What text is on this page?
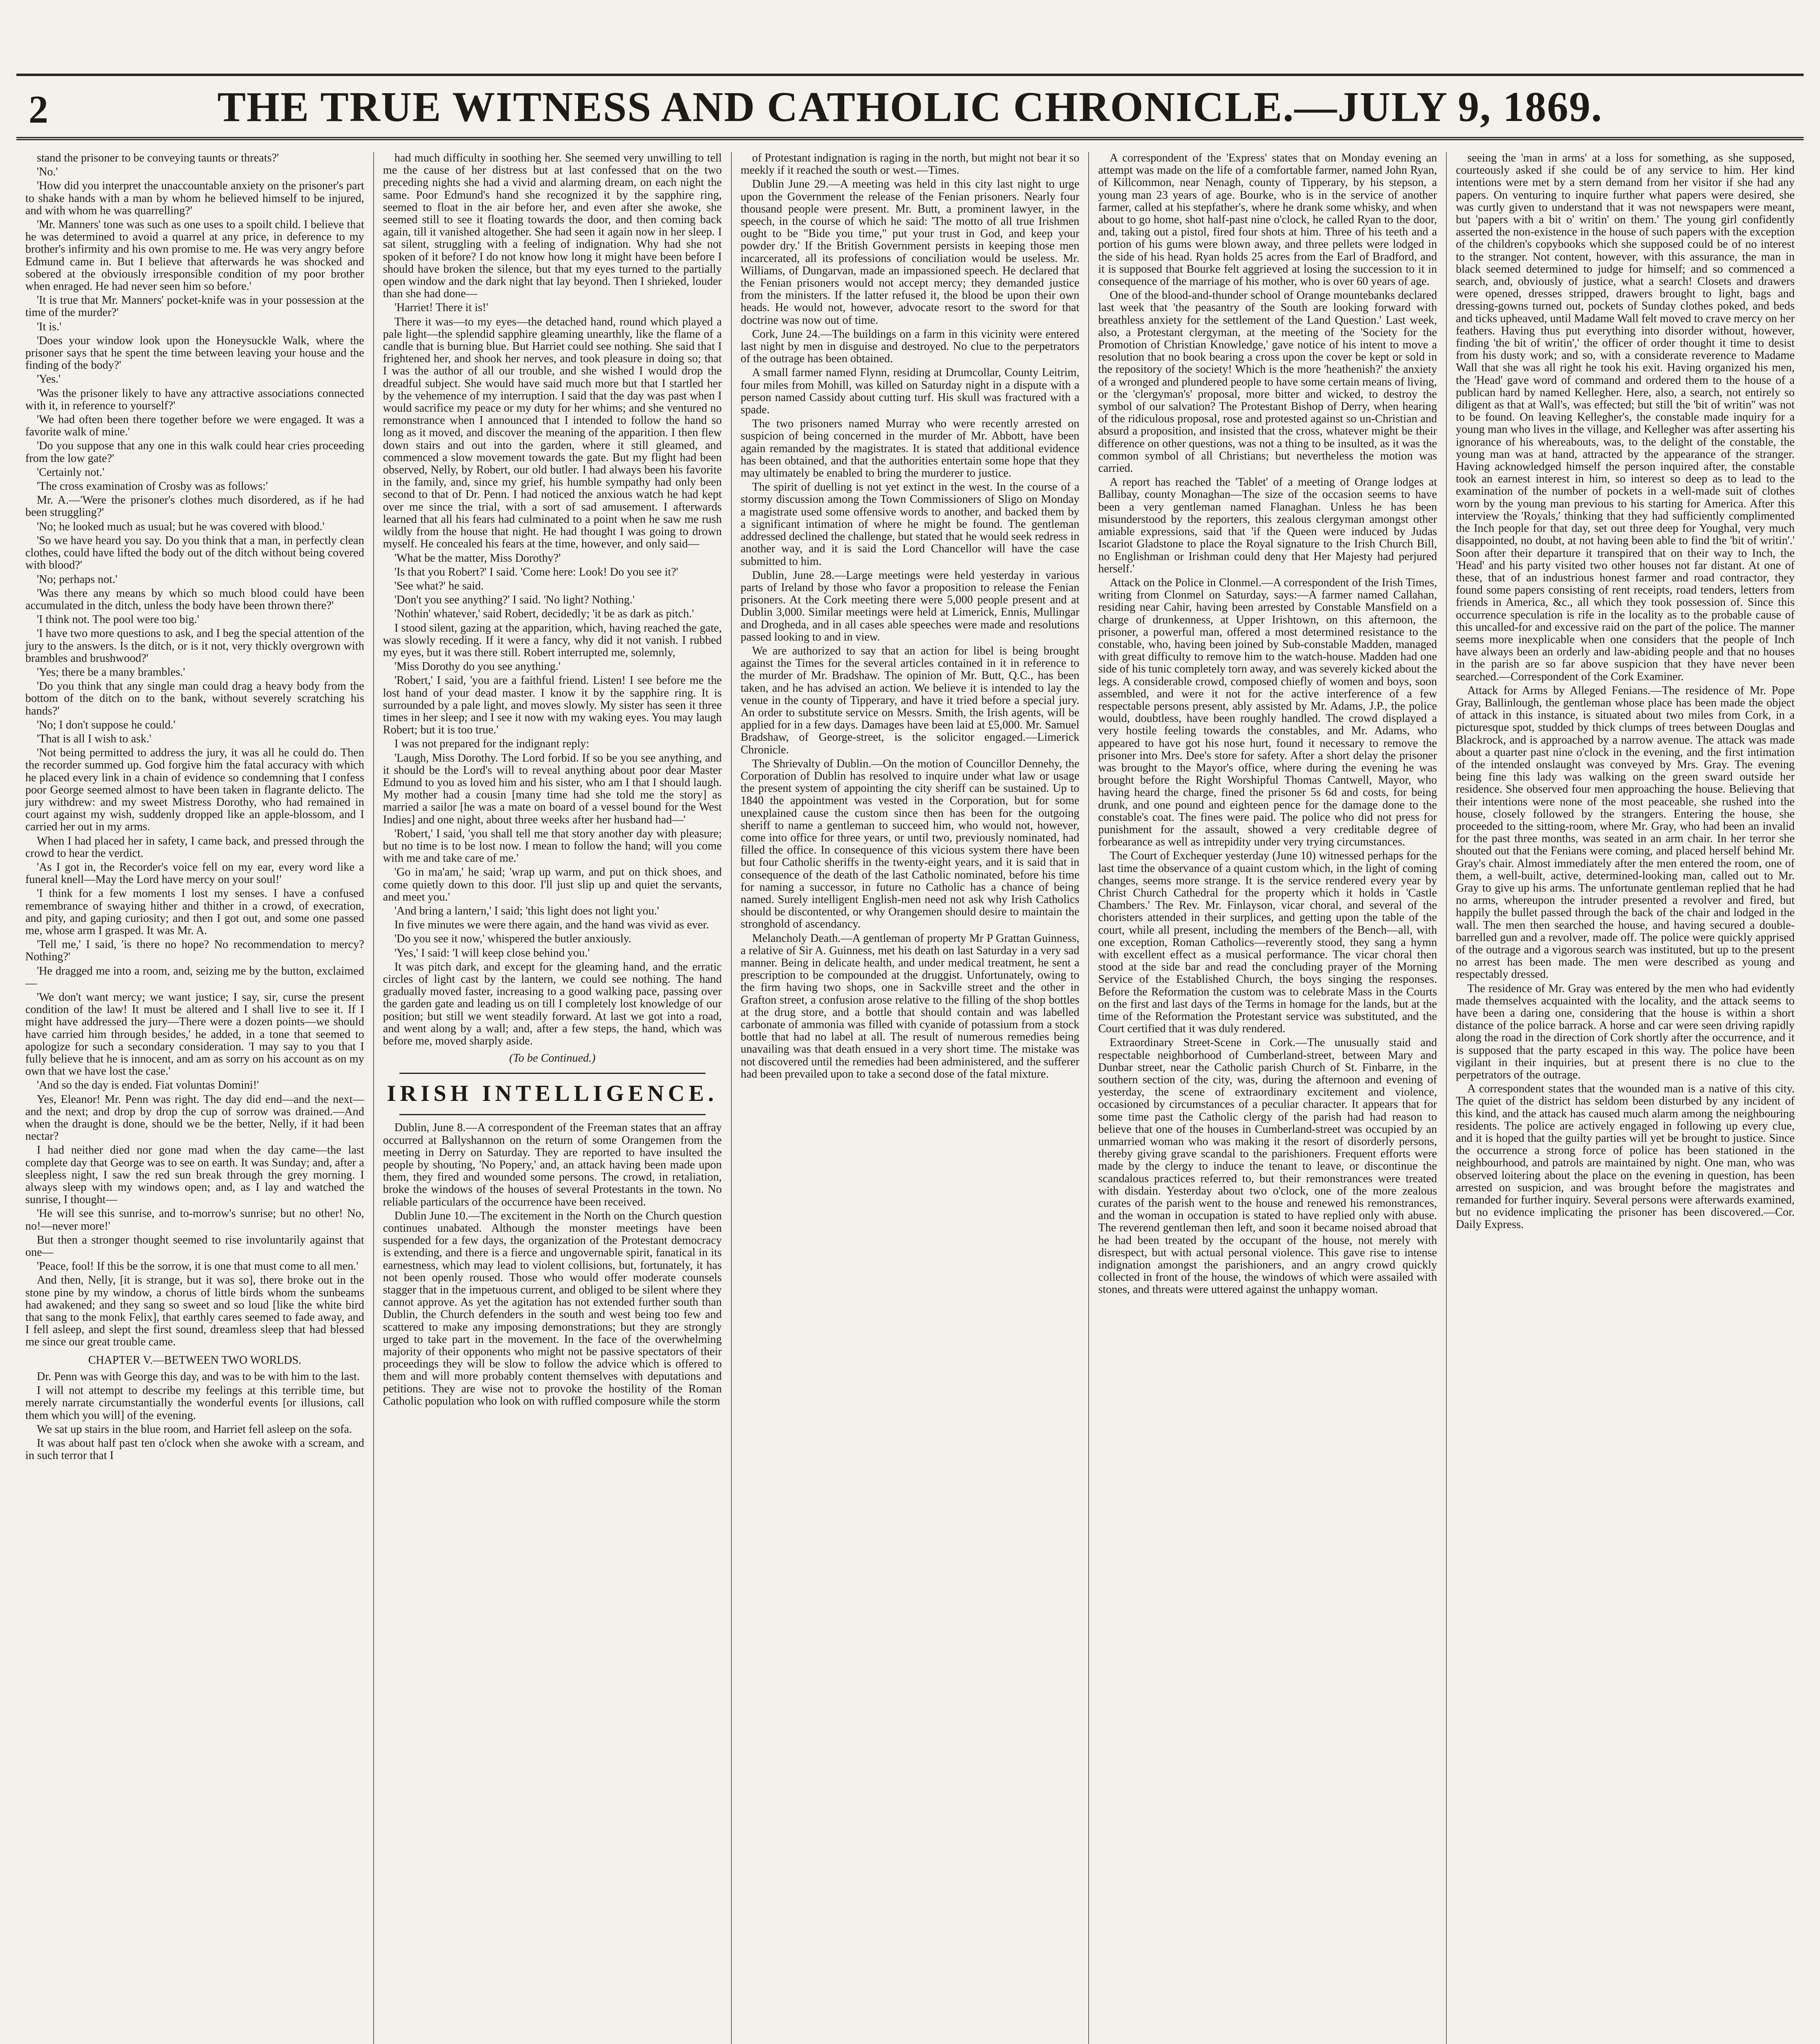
2	THE TRUE WITNESS AND CATHOLIC CHRONICLE.—JULY 9, 1869.

stand the prisoner to be conveying taunts or threats?'

'No.'

'How did you interpret the unaccountable anxiety on the prisoner's part to shake hands with a man by whom he believed himself to be injured, and with whom he was quarrelling?'

'Mr. Manners' tone was such as one uses to a spoilt child. I believe that he was determined to avoid a quarrel at any price, in deference to my brother's infirmity and his own promise to me. He was very angry before Edmund came in. But I believe that afterwards he was shocked and sobered at the obviously irresponsible condition of my poor brother when enraged. He had never seen him so before.'

'It is true that Mr. Manners' pocket-knife was in your possession at the time of the murder?'

'It is.'

'Does your window look upon the Honeysuckle Walk, where the prisoner says that he spent the time between leaving your house and the finding of the body?'

'Yes.'

'Was the prisoner likely to have any attractive associations connected with it, in reference to yourself?'

'We had often been there together before we were engaged. It was a favorite walk of mine.'

'Do you suppose that any one in this walk could hear cries proceeding from the low gate?'

'Certainly not.'

'The cross examination of Crosby was as follows:'

Mr. A.—'Were the prisoner's clothes much disordered, as if he had been struggling?'

'No; he looked much as usual; but he was covered with blood.'

'So we have heard you say. Do you think that a man, in perfectly clean clothes, could have lifted the body out of the ditch without being covered with blood?'

'No; perhaps not.'

'Was there any means by which so much blood could have been accumulated in the ditch, unless the body have been thrown there?'

'I think not. The pool were too big.'

'I have two more questions to ask, and I beg the special attention of the jury to the answers. Is the ditch, or is it not, very thickly overgrown with brambles and brushwood?'

'Yes; there be a many brambles.'

'Do you think that any single man could drag a heavy body from the bottom of the ditch on to the bank, without severely scratching his hands?'

'No; I don't suppose he could.'

'That is all I wish to ask.'

'Not being permitted to address the jury, it was all he could do. Then the recorder summed up. God forgive him the fatal accuracy with which he placed every link in a chain of evidence so condemning that I confess poor George seemed almost to have been taken in flagrante delicto. The jury withdrew: and my sweet Mistress Dorothy, who had remained in court against my wish, suddenly dropped like an apple-blossom, and I carried her out in my arms.

When I had placed her in safety, I came back, and pressed through the crowd to hear the verdict.

'As I got in, the Recorder's voice fell on my ear, every word like a funeral knell—May the Lord have mercy on your soul!'

'I think for a few moments I lost my senses. I have a confused remembrance of swaying hither and thither in a crowd, of execration, and pity, and gaping curiosity; and then I got out, and some one passed me, whose arm I grasped. It was Mr. A.

'Tell me,' I said, 'is there no hope? No recommendation to mercy? Nothing?'

'He dragged me into a room, and, seizing me by the button, exclaimed—

'We don't want mercy; we want justice; I say, sir, curse the present condition of the law! It must be altered and I shall live to see it. If I might have addressed the jury—There were a dozen points—we should have carried him through besides,' he added, in a tone that seemed to apologize for such a secondary consideration. 'I may say to you that I fully believe that he is innocent, and am as sorry on his account as on my own that we have lost the case.'

'And so the day is ended. Fiat voluntas Domini!'

Yes, Eleanor! Mr. Penn was right. The day did end—and the next—and the next; and drop by drop the cup of sorrow was drained.—And when the draught is done, should we be the better, Nelly, if it had been nectar?

I had neither died nor gone mad when the day came—the last complete day that George was to see on earth. It was Sunday; and, after a sleepless night, I saw the red sun break through the grey morning. I always sleep with my windows open; and, as I lay and watched the sunrise, I thought—

'He will see this sunrise, and to-morrow's sunrise; but no other! No, no!—never more!'

But then a stronger thought seemed to rise involuntarily against that one—

'Peace, fool! If this be the sorrow, it is one that must come to all men.'

And then, Nelly, [it is strange, but it was so], there broke out in the stone pine by my window, a chorus of little birds whom the sunbeams had awakened; and they sang so sweet and so loud [like the white bird that sang to the monk Felix], that earthly cares seemed to fade away, and I fell asleep, and slept the first sound, dreamless sleep that had blessed me since our great trouble came.

CHAPTER V.—BETWEEN TWO WORLDS.

Dr. Penn was with George this day, and was to be with him to the last.

I will not attempt to describe my feelings at this terrible time, but merely narrate circumstantially the wonderful events [or illusions, call them which you will] of the evening.

We sat up stairs in the blue room, and Harriet fell asleep on the sofa.

It was about half past ten o'clock when she awoke with a scream, and in such terror that I

had much difficulty in soothing her. She seemed very unwilling to tell me the cause of her distress but at last confessed that on the two preceding nights she had a vivid and alarming dream, on each night the same. Poor Edmund's hand she recognized it by the sapphire ring, seemed to float in the air before her, and even after she awoke, she seemed still to see it floating towards the door, and then coming back again, till it vanished altogether. She had seen it again now in her sleep. I sat silent, struggling with a feeling of indignation. Why had she not spoken of it before? I do not know how long it might have been before I should have broken the silence, but that my eyes turned to the partially open window and the dark night that lay beyond. Then I shrieked, louder than she had done—

'Harriet! There it is!'

There it was—to my eyes—the detached hand, round which played a pale light—the splendid sapphire gleaming unearthly, like the flame of a candle that is burning blue. But Harriet could see nothing. She said that I frightened her, and shook her nerves, and took pleasure in doing so; that I was the author of all our trouble, and she wished I would drop the dreadful subject. She would have said much more but that I startled her by the vehemence of my interruption. I said that the day was past when I would sacrifice my peace or my duty for her whims; and she ventured no remonstrance when I announced that I intended to follow the hand so long as it moved, and discover the meaning of the apparition. I then flew down stairs and out into the garden, where it still gleamed, and commenced a slow movement towards the gate. But my flight had been observed, Nelly, by Robert, our old butler. I had always been his favorite in the family, and, since my grief, his humble sympathy had only been second to that of Dr. Penn. I had noticed the anxious watch he had kept over me since the trial, with a sort of sad amusement. I afterwards learned that all his fears had culminated to a point when he saw me rush wildly from the house that night. He had thought I was going to drown myself. He concealed his fears at the time, however, and only said—

'What be the matter, Miss Dorothy?'

'Is that you Robert?' I said. 'Come here: Look! Do you see it?'

'See what?' he said.

'Don't you see anything?' I said. 'No light? Nothing.'

'Nothin' whatever,' said Robert, decidedly; 'it be as dark as pitch.'

I stood silent, gazing at the apparition, which, having reached the gate, was slowly receding. If it were a fancy, why did it not vanish. I rubbed my eyes, but it was there still. Robert interrupted me, solemnly,

'Miss Dorothy do you see anything.'

'Robert,' I said, 'you are a faithful friend. Listen! I see before me the lost hand of your dead master. I know it by the sapphire ring. It is surrounded by a pale light, and moves slowly. My sister has seen it three times in her sleep; and I see it now with my waking eyes. You may laugh Robert; but it is too true.'

I was not prepared for the indignant reply:

'Laugh, Miss Dorothy. The Lord forbid. If so be you see anything, and it should be the Lord's will to reveal anything about poor dear Master Edmund to you as loved him and his sister, who am I that I should laugh. My mother had a cousin [many time had she told me the story] as married a sailor [he was a mate on board of a vessel bound for the West Indies] and one night, about three weeks after her husband had—'

'Robert,' I said, 'you shall tell me that story another day with pleasure; but no time is to be lost now. I mean to follow the hand; will you come with me and take care of me.'

'Go in ma'am,' he said; 'wrap up warm, and put on thick shoes, and come quietly down to this door. I'll just slip up and quiet the servants, and meet you.'

'And bring a lantern,' I said; 'this light does not light you.'

In five minutes we were there again, and the hand was vivid as ever.

'Do you see it now,' whispered the butler anxiously.

'Yes,' I said: 'I will keep close behind you.'

It was pitch dark, and except for the gleaming hand, and the erratic circles of light cast by the lantern, we could see nothing. The hand gradually moved faster, increasing to a good walking pace, passing over the garden gate and leading us on till I completely lost knowledge of our position; but still we went steadily forward. At last we got into a road, and went along by a wall; and, after a few steps, the hand, which was before me, moved sharply aside.

(To be Continued.)
IRISH INTELLIGENCE.

Dublin, June 8.—A correspondent of the Freeman states that an affray occurred at Ballyshannon on the return of some Orangemen from the meeting in Derry on Saturday. They are reported to have insulted the people by shouting, 'No Popery,' and, an attack having been made upon them, they fired and wounded some persons. The crowd, in retaliation, broke the windows of the houses of several Protestants in the town. No reliable particulars of the occurrence have been received.

Dublin June 10.—The excitement in the North on the Church question continues unabated. Although the monster meetings have been suspended for a few days, the organization of the Protestant democracy is extending, and there is a fierce and ungovernable spirit, fanatical in its earnestness, which may lead to violent collisions, but, fortunately, it has not been openly roused. Those who would offer moderate counsels stagger that in the impetuous current, and obliged to be silent where they cannot approve. As yet the agitation has not extended further south than Dublin, the Church defenders in the south and west being too few and scattered to make any imposing demonstrations; but they are strongly urged to take part in the movement. In the face of the overwhelming majority of their opponents who might not be passive spectators of their proceedings they will be slow to follow the advice which is offered to them and will more probably content themselves with deputations and petitions. They are wise not to provoke the hostility of the Roman Catholic population who look on with ruffled composure while the storm

of Protestant indignation is raging in the north, but might not bear it so meekly if it reached the south or west.—Times.

Dublin June 29.—A meeting was held in this city last night to urge upon the Government the release of the Fenian prisoners. Nearly four thousand people were present. Mr. Butt, a prominent lawyer, in the speech, in the course of which he said: 'The motto of all true Irishmen ought to be "Bide you time," put your trust in God, and keep your powder dry.' If the British Government persists in keeping those men incarcerated, all its professions of conciliation would be useless. Mr. Williams, of Dungarvan, made an impassioned speech. He declared that the Fenian prisoners would not accept mercy; they demanded justice from the ministers. If the latter refused it, the blood be upon their own heads. He would not, however, advocate resort to the sword for that doctrine was now out of time.

Cork, June 24.—The buildings on a farm in this vicinity were entered last night by men in disguise and destroyed. No clue to the perpetrators of the outrage has been obtained.

A small farmer named Flynn, residing at Drumcollar, County Leitrim, four miles from Mohill, was killed on Saturday night in a dispute with a person named Cassidy about cutting turf. His skull was fractured with a spade.

The two prisoners named Murray who were recently arrested on suspicion of being concerned in the murder of Mr. Abbott, have been again remanded by the magistrates. It is stated that additional evidence has been obtained, and that the authorities entertain some hope that they may ultimately be enabled to bring the murderer to justice.

The spirit of duelling is not yet extinct in the west. In the course of a stormy discussion among the Town Commissioners of Sligo on Monday a magistrate used some offensive words to another, and backed them by a significant intimation of where he might be found. The gentleman addressed declined the challenge, but stated that he would seek redress in another way, and it is said the Lord Chancellor will have the case submitted to him.

Dublin, June 28.—Large meetings were held yesterday in various parts of Ireland by those who favor a proposition to release the Fenian prisoners. At the Cork meeting there were 5,000 people present and at Dublin 3,000. Similar meetings were held at Limerick, Ennis, Mullingar and Drogheda, and in all cases able speeches were made and resolutions passed looking to and in view.

We are authorized to say that an action for libel is being brought against the Times for the several articles contained in it in reference to the murder of Mr. Bradshaw. The opinion of Mr. Butt, Q.C., has been taken, and he has advised an action. We believe it is intended to lay the venue in the county of Tipperary, and have it tried before a special jury. An order to substitute service on Messrs. Smith, the Irish agents, will be applied for in a few days. Damages have been laid at £5,000. Mr. Samuel Bradshaw, of George-street, is the solicitor engaged.—Limerick Chronicle.

The Shrievalty of Dublin.—On the motion of Councillor Dennehy, the Corporation of Dublin has resolved to inquire under what law or usage the present system of appointing the city sheriff can be sustained. Up to 1840 the appointment was vested in the Corporation, but for some unexplained cause the custom since then has been for the outgoing sheriff to name a gentleman to succeed him, who would not, however, come into office for three years, or until two, previously nominated, had filled the office. In consequence of this vicious system there have been but four Catholic sheriffs in the twenty-eight years, and it is said that in consequence of the death of the last Catholic nominated, before his time for naming a successor, in future no Catholic has a chance of being named. Surely intelligent English-men need not ask why Irish Catholics should be discontented, or why Orangemen should desire to maintain the stronghold of ascendancy.

Melancholy Death.—A gentleman of property Mr P Grattan Guinness, a relative of Sir A. Guinness, met his death on last Saturday in a very sad manner. Being in delicate health, and under medical treatment, he sent a prescription to be compounded at the druggist. Unfortunately, owing to the firm having two shops, one in Sackville street and the other in Grafton street, a confusion arose relative to the filling of the shop bottles at the drug store, and a bottle that should contain and was labelled carbonate of ammonia was filled with cyanide of potassium from a stock bottle that had no label at all. The result of numerous remedies being unavailing was that death ensued in a very short time. The mistake was not discovered until the remedies had been administered, and the sufferer had been prevailed upon to take a second dose of the fatal mixture.

A correspondent of the 'Express' states that on Monday evening an attempt was made on the life of a comfortable farmer, named John Ryan, of Killcommon, near Nenagh, county of Tipperary, by his stepson, a young man 23 years of age. Bourke, who is in the service of another farmer, called at his stepfather's, where he drank some whisky, and when about to go home, shot half-past nine o'clock, he called Ryan to the door, and, taking out a pistol, fired four shots at him. Three of his teeth and a portion of his gums were blown away, and three pellets were lodged in the side of his head. Ryan holds 25 acres from the Earl of Bradford, and it is supposed that Bourke felt aggrieved at losing the succession to it in consequence of the marriage of his mother, who is over 60 years of age.

One of the blood-and-thunder school of Orange mountebanks declared last week that 'the peasantry of the South are looking forward with breathless anxiety for the settlement of the Land Question.' Last week, also, a Protestant clergyman, at the meeting of the 'Society for the Promotion of Christian Knowledge,' gave notice of his intent to move a resolution that no book bearing a cross upon the cover be kept or sold in the repository of the society! Which is the more 'heathenish?' the anxiety of a wronged and plundered people to have some certain means of living, or the 'clergyman's' proposal, more bitter and wicked, to destroy the symbol of our salvation? The Protestant Bishop of Derry, when hearing of the ridiculous proposal, rose and protested against so un-Christian and absurd a proposition, and insisted that the cross, whatever might be their difference on other questions, was not a thing to be insulted, as it was the common symbol of all Christians; but nevertheless the motion was carried.

A report has reached the 'Tablet' of a meeting of Orange lodges at Ballibay, county Monaghan—The size of the occasion seems to have been a very gentleman named Flanaghan. Unless he has been misunderstood by the reporters, this zealous clergyman amongst other amiable expressions, said that 'if the Queen were induced by Judas Iscariot Gladstone to place the Royal signature to the Irish Church Bill, no Englishman or Irishman could deny that Her Majesty had perjured herself.'

Attack on the Police in Clonmel.—A correspondent of the Irish Times, writing from Clonmel on Saturday, says:—A farmer named Callahan, residing near Cahir, having been arrested by Constable Mansfield on a charge of drunkenness, at Upper Irishtown, on this afternoon, the prisoner, a powerful man, offered a most determined resistance to the constable, who, having been joined by Sub-constable Madden, managed with great difficulty to remove him to the watch-house. Madden had one side of his tunic completely torn away, and was severely kicked about the legs. A considerable crowd, composed chiefly of women and boys, soon assembled, and were it not for the active interference of a few respectable persons present, ably assisted by Mr. Adams, J.P., the police would, doubtless, have been roughly handled. The crowd displayed a very hostile feeling towards the constables, and Mr. Adams, who appeared to have got his nose hurt, found it necessary to remove the prisoner into Mrs. Dee's store for safety. After a short delay the prisoner was brought to the Mayor's office, where during the evening he was brought before the Right Worshipful Thomas Cantwell, Mayor, who having heard the charge, fined the prisoner 5s 6d and costs, for being drunk, and one pound and eighteen pence for the damage done to the constable's coat. The fines were paid. The police who did not press for punishment for the assault, showed a very creditable degree of forbearance as well as intrepidity under very trying circumstances.

The Court of Exchequer yesterday (June 10) witnessed perhaps for the last time the observance of a quaint custom which, in the light of coming changes, seems more strange. It is the service rendered every year by Christ Church Cathedral for the property which it holds in 'Castle Chambers.' The Rev. Mr. Finlayson, vicar choral, and several of the choristers attended in their surplices, and getting upon the table of the court, while all present, including the members of the Bench—all, with one exception, Roman Catholics—reverently stood, they sang a hymn with excellent effect as a musical performance. The vicar choral then stood at the side bar and read the concluding prayer of the Morning Service of the Established Church, the boys singing the responses. Before the Reformation the custom was to celebrate Mass in the Courts on the first and last days of the Terms in homage for the lands, but at the time of the Reformation the Protestant service was substituted, and the Court certified that it was duly rendered.

Extraordinary Street-Scene in Cork.—The unusually staid and respectable neighborhood of Cumberland-street, between Mary and Dunbar street, near the Catholic parish Church of St. Finbarre, in the southern section of the city, was, during the afternoon and evening of yesterday, the scene of extraordinary excitement and violence, occasioned by circumstances of a peculiar character. It appears that for some time past the Catholic clergy of the parish had had reason to believe that one of the houses in Cumberland-street was occupied by an unmarried woman who was making it the resort of disorderly persons, thereby giving grave scandal to the parishioners. Frequent efforts were made by the clergy to induce the tenant to leave, or discontinue the scandalous practices referred to, but their remonstrances were treated with disdain. Yesterday about two o'clock, one of the more zealous curates of the parish went to the house and renewed his remonstrances, and the woman in occupation is stated to have replied only with abuse. The reverend gentleman then left, and soon it became noised abroad that he had been treated by the occupant of the house, not merely with disrespect, but with actual personal violence. This gave rise to intense indignation amongst the parishioners, and an angry crowd quickly collected in front of the house, the windows of which were assailed with stones, and threats were uttered against the unhappy woman.

seeing the 'man in arms' at a loss for something, as she supposed, courteously asked if she could be of any service to him. Her kind intentions were met by a stern demand from her visitor if she had any papers. On venturing to inquire further what papers were desired, she was curtly given to understand that it was not newspapers were meant, but 'papers with a bit o' writin' on them.' The young girl confidently asserted the non-existence in the house of such papers with the exception of the children's copybooks which she supposed could be of no interest to the stranger. Not content, however, with this assurance, the man in black seemed determined to judge for himself; and so commenced a search, and, obviously of justice, what a search! Closets and drawers were opened, dresses stripped, drawers brought to light, bags and dressing-gowns turned out, pockets of Sunday clothes poked, and beds and ticks upheaved, until Madame Wall felt moved to crave mercy on her feathers. Having thus put everything into disorder without, however, finding 'the bit of writin',' the officer of order thought it time to desist from his dusty work; and so, with a considerate reverence to Madame Wall that she was all right he took his exit. Having organized his men, the 'Head' gave word of command and ordered them to the house of a publican hard by named Kellegher. Here, also, a search, not entirely so diligent as that at Wall's, was effected; but still the 'bit of writin'' was not to be found. On leaving Kellegher's, the constable made inquiry for a young man who lives in the village, and Kellegher was after asserting his ignorance of his whereabouts, was, to the delight of the constable, the young man was at hand, attracted by the appearance of the stranger. Having acknowledged himself the person inquired after, the constable took an earnest interest in him, so interest so deep as to lead to the examination of the number of pockets in a well-made suit of clothes worn by the young man previous to his starting for America. After this interview the 'Royals,' thinking that they had sufficiently complimented the Inch people for that day, set out three deep for Youghal, very much disappointed, no doubt, at not having been able to find the 'bit of writin'.' Soon after their departure it transpired that on their way to Inch, the 'Head' and his party visited two other houses not far distant. At one of these, that of an industrious honest farmer and road contractor, they found some papers consisting of rent receipts, road tenders, letters from friends in America, &c., all which they took possession of. Since this occurrence speculation is rife in the locality as to the probable cause of this uncalled-for and excessive raid on the part of the police. The manner seems more inexplicable when one considers that the people of Inch have always been an orderly and law-abiding people and that no houses in the parish are so far above suspicion that they have never been searched.—Correspondent of the Cork Examiner.

Attack for Arms by Alleged Fenians.—The residence of Mr. Pope Gray, Ballinlough, the gentleman whose place has been made the object of attack in this instance, is situated about two miles from Cork, in a picturesque spot, studded by thick clumps of trees between Douglas and Blackrock, and is approached by a narrow avenue. The attack was made about a quarter past nine o'clock in the evening, and the first intimation of the intended onslaught was conveyed by Mrs. Gray. The evening being fine this lady was walking on the green sward outside her residence. She observed four men approaching the house. Believing that their intentions were none of the most peaceable, she rushed into the house, closely followed by the strangers. Entering the house, she proceeded to the sitting-room, where Mr. Gray, who had been an invalid for the past three months, was seated in an arm chair. In her terror she shouted out that the Fenians were coming, and placed herself behind Mr. Gray's chair. Almost immediately after the men entered the room, one of them, a well-built, active, determined-looking man, called out to Mr. Gray to give up his arms. The unfortunate gentleman replied that he had no arms, whereupon the intruder presented a revolver and fired, but happily the bullet passed through the back of the chair and lodged in the wall. The men then searched the house, and having secured a double-barrelled gun and a revolver, made off. The police were quickly apprised of the outrage and a vigorous search was instituted, but up to the present no arrest has been made. The men were described as young and respectably dressed.

The residence of Mr. Gray was entered by the men who had evidently made themselves acquainted with the locality, and the attack seems to have been a daring one, considering that the house is within a short distance of the police barrack. A horse and car were seen driving rapidly along the road in the direction of Cork shortly after the occurrence, and it is supposed that the party escaped in this way. The police have been vigilant in their inquiries, but at present there is no clue to the perpetrators of the outrage.

A correspondent states that the wounded man is a native of this city. The quiet of the district has seldom been disturbed by any incident of this kind, and the attack has caused much alarm among the neighbouring residents. The police are actively engaged in following up every clue, and it is hoped that the guilty parties will yet be brought to justice. Since the occurrence a strong force of police has been stationed in the neighbourhood, and patrols are maintained by night. One man, who was observed loitering about the place on the evening in question, has been arrested on suspicion, and was brought before the magistrates and remanded for further inquiry. Several persons were afterwards examined, but no evidence implicating the prisoner has been discovered.—Cor. Daily Express.
